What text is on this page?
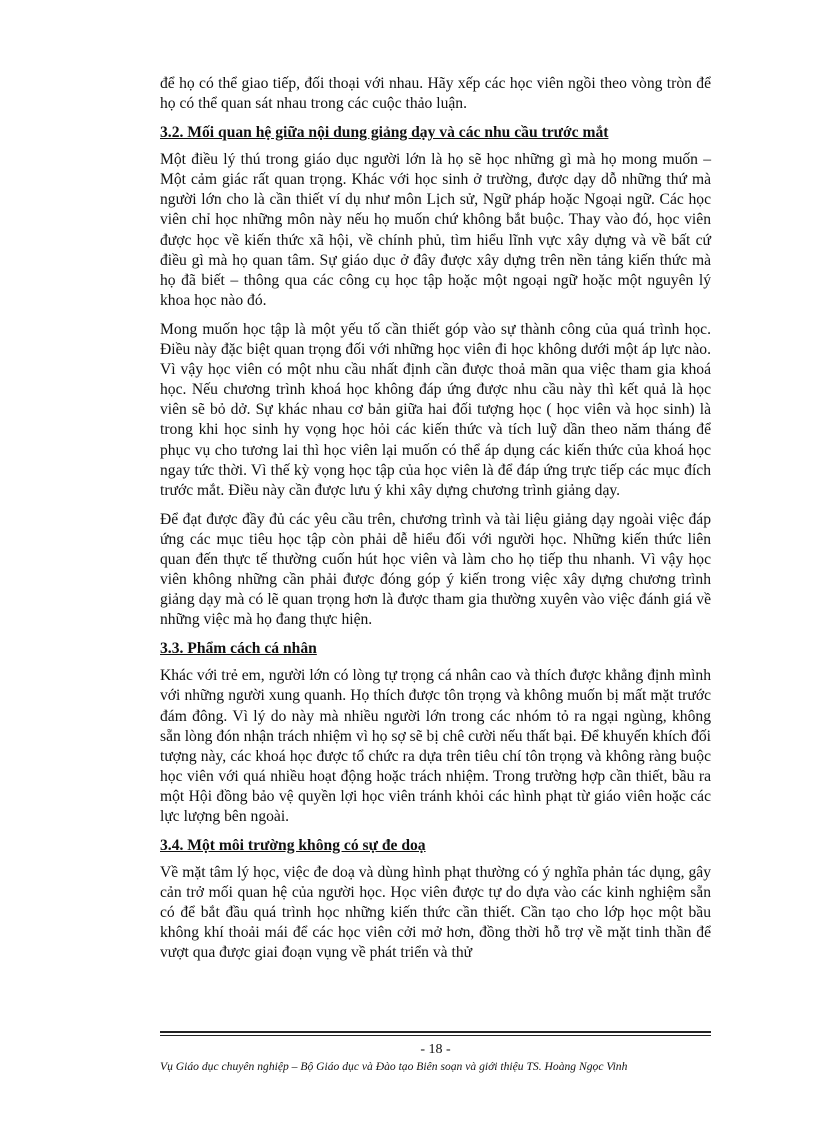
để họ có thể giao tiếp, đối thoại với nhau. Hãy xếp các học viên ngồi theo vòng tròn để họ có thể quan sát nhau trong các cuộc thảo luận.

3.2. Mối quan hệ giữa nội dung giảng dạy và các nhu cầu trước mắt

Một điều lý thú trong giáo dục người lớn là họ sẽ học những gì mà họ mong muốn – Một cảm giác rất quan trọng. Khác với học sinh ở trường, được dạy dỗ những thứ mà người lớn cho là cần thiết ví dụ như môn Lịch sử, Ngữ pháp hoặc Ngoại ngữ. Các học viên chỉ học những môn này nếu họ muốn chứ không bắt buộc. Thay vào đó, học viên được học về kiến thức xã hội, về chính phủ, tìm hiểu lĩnh vực xây dựng và về bất cứ điều gì mà họ quan tâm. Sự giáo dục ở đây được xây dựng trên nền tảng kiến thức mà họ đã biết – thông qua các công cụ học tập hoặc một ngoại ngữ hoặc một nguyên lý khoa học nào đó.

Mong muốn học tập là một yếu tố cần thiết góp vào sự thành công của quá trình học. Điều này đặc biệt quan trọng đối với những học viên đi học không dưới một áp lực nào. Vì vậy học viên có một nhu cầu nhất định cần được thoả mãn qua việc tham gia khoá học. Nếu chương trình khoá học không đáp ứng được nhu cầu này thì kết quả là học viên sẽ bỏ dở. Sự khác nhau cơ bản giữa hai đối tượng học ( học viên và học sinh) là trong khi học sinh hy vọng học hỏi các kiến thức và tích luỹ dần theo năm tháng để phục vụ cho tương lai thì học viên lại muốn có thể áp dụng các kiến thức của khoá học ngay tức thời. Vì thế kỳ vọng học tập của học viên là để đáp ứng trực tiếp các mục đích trước mắt. Điều này cần được lưu ý khi xây dựng chương trình giảng dạy.

Để đạt được đầy đủ các yêu cầu trên, chương trình và tài liệu giảng dạy ngoài việc đáp ứng các mục tiêu học tập còn phải dễ hiểu đối với người học. Những kiến thức liên quan đến thực tế thường cuốn hút học viên và làm cho họ tiếp thu nhanh. Vì vậy học viên không những cần phải được đóng góp ý kiến trong việc xây dựng chương trình giảng dạy mà có lẽ quan trọng hơn là được tham gia thường xuyên vào việc đánh giá về những việc mà họ đang thực hiện.

3.3. Phẩm cách cá nhân

Khác với trẻ em, người lớn có lòng tự trọng cá nhân cao và thích được khẳng định mình với những người xung quanh. Họ thích được tôn trọng và không muốn bị mất mặt trước đám đông. Vì lý do này mà nhiều người lớn trong các nhóm tỏ ra ngại ngùng, không sẵn lòng đón nhận trách nhiệm vì họ sợ sẽ bị chê cười nếu thất bại. Để khuyến khích đối tượng này, các khoá học được tổ chức ra dựa trên tiêu chí tôn trọng và không ràng buộc học viên với quá nhiều hoạt động hoặc trách nhiệm. Trong trường hợp cần thiết, bầu ra một Hội đồng bảo vệ quyền lợi học viên tránh khỏi các hình phạt từ giáo viên hoặc các lực lượng bên ngoài.

3.4. Một môi trường không có sự đe doạ

Về mặt tâm lý học, việc đe doạ và dùng hình phạt thường có ý nghĩa phản tác dụng, gây cản trở mối quan hệ của người học. Học viên được tự do dựa vào các kinh nghiệm sẵn có để bắt đầu quá trình học những kiến thức cần thiết. Cần tạo cho lớp học một bầu không khí thoải mái để các học viên cởi mở hơn, đồng thời hỗ trợ về mặt tinh thần để vượt qua được giai đoạn vụng về phát triển và thử

- 18 -
Vụ Giáo dục chuyên nghiệp – Bộ Giáo dục và Đào tạo Biên soạn và giới thiệu TS. Hoàng Ngọc Vinh
